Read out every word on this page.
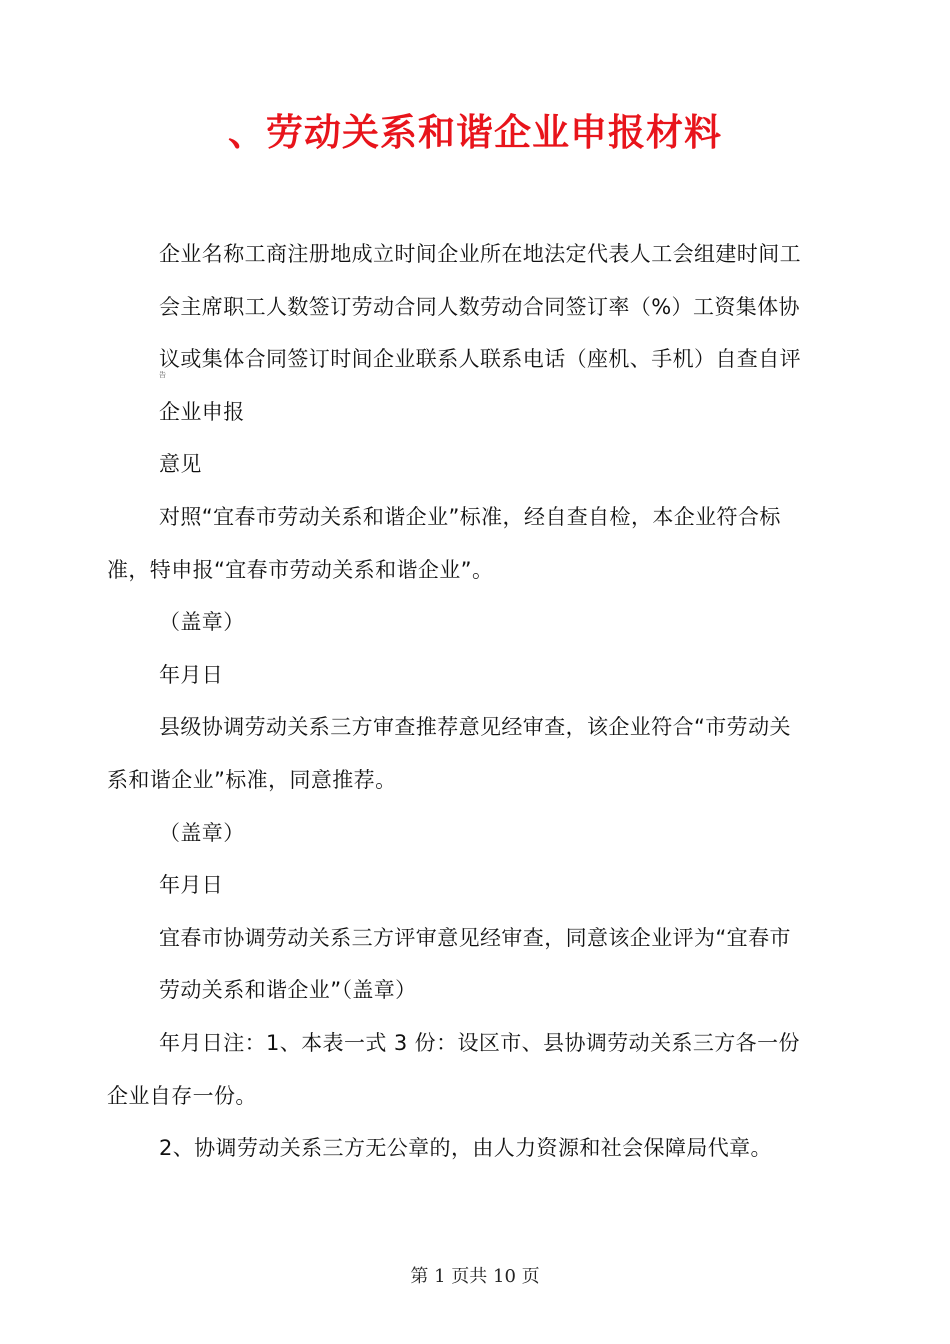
、劳动关系和谐企业申报材料

企业名称工商注册地成立时间企业所在地法定代表人工会组建时间工
会主席职工人数签订劳动合同人数劳动合同签订率（%）工资集体协
议或集体合同签订时间企业联系人联系电话（座机、手机）自查自评

告

企业申报

意见

对照“宜春市劳动关系和谐企业”标准，经自查自检，本企业符合标
准，特申报“宜春市劳动关系和谐企业”。

（盖章）

年月日

县级协调劳动关系三方审查推荐意见经审查，该企业符合“市劳动关
系和谐企业”标准，同意推荐。

（盖章）

年月日

宜春市协调劳动关系三方评审意见经审查，同意该企业评为“宜春市
劳动关系和谐企业”（盖章）

年月日注：1、本表一式 3 份：设区市、县协调劳动关系三方各一份
企业自存一份。

2、协调劳动关系三方无公章的，由人力资源和社会保障局代章。

第 1 页共 10 页
